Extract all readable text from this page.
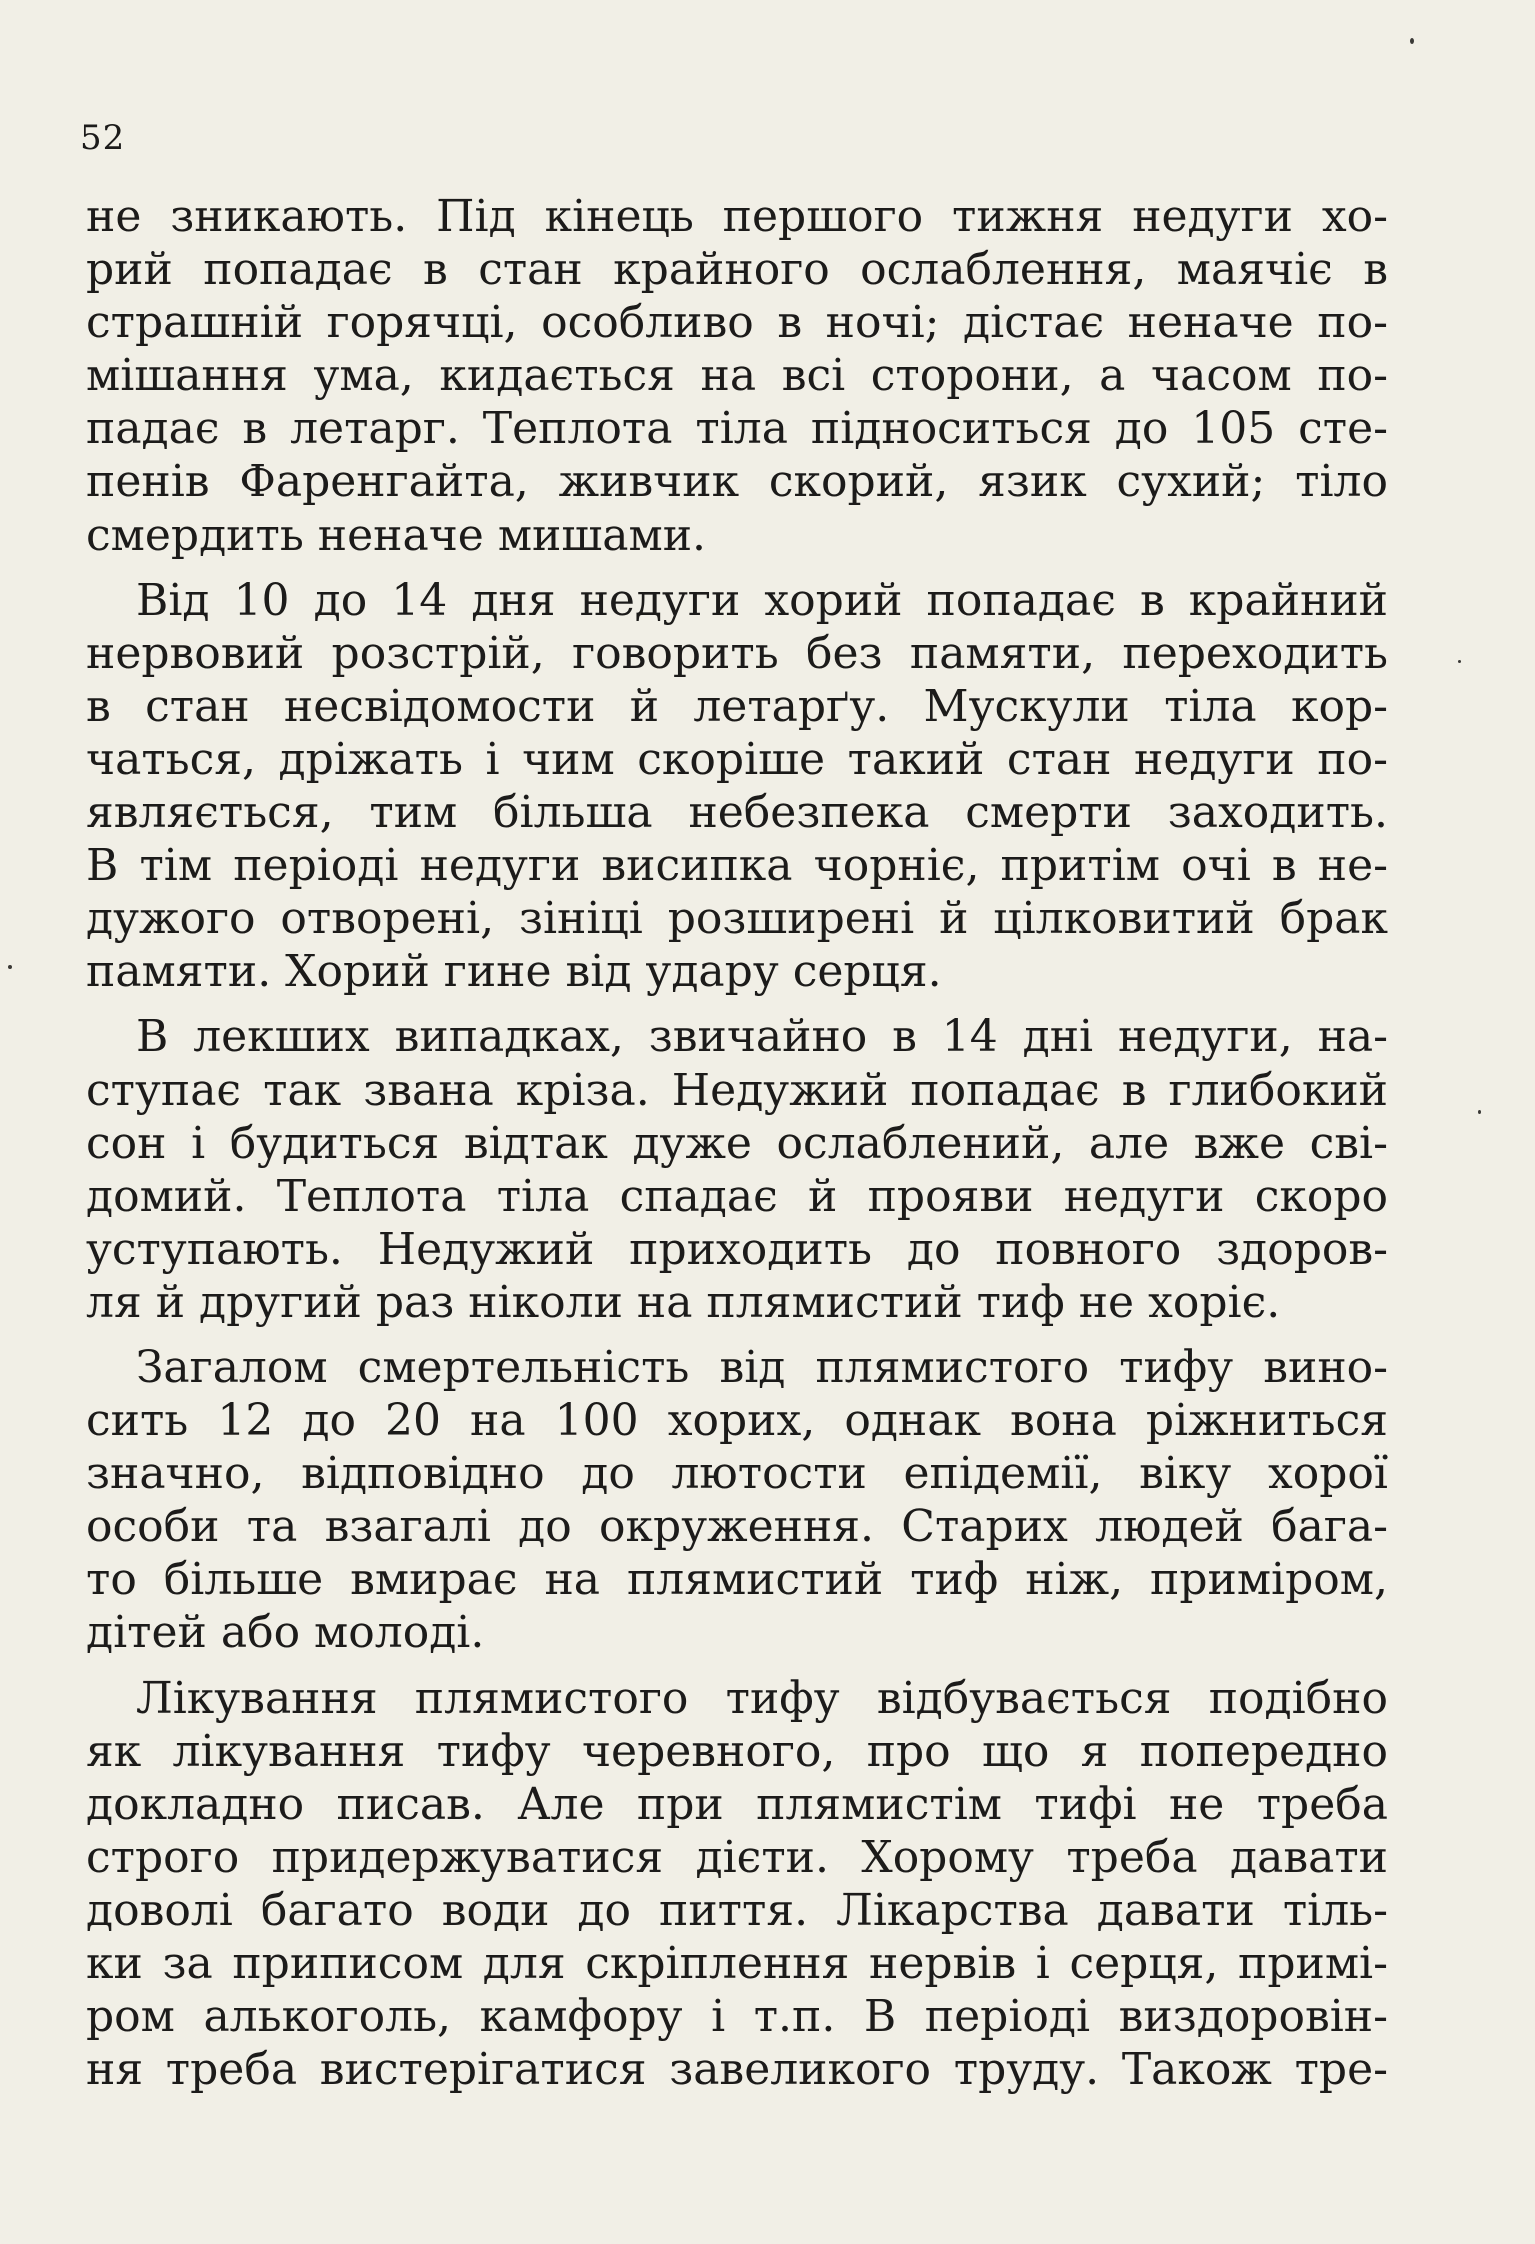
52
не зникають. Під кінець першого тижня недуги хо-
рий попадає в стан крайного ослаблення, маячіє в
страшній горячці, особливо в ночі; дістає неначе по-
мішання ума, кидається на всі сторони, а часом по-
падає в летарг. Теплота тіла підноситься до 105 сте-
пенів Фаренгайта, живчик скорий, язик сухий; тіло
смердить неначе мишами.
Від 10 до 14 дня недуги хорий попадає в крайний
нервовий розстрій, говорить без памяти, переходить
в стан несвідомости й летарґу. Мускули тіла кор-
чаться, дріжать і чим скоріше такий стан недуги по-
являється, тим більша небезпека смерти заходить.
В тім періоді недуги висипка чорніє, притім очі в не-
дужого отворені, зініці розширені й цілковитий брак
памяти. Хорий гине від удару серця.
В лекших випадках, звичайно в 14 дні недуги, на-
ступає так звана кріза. Недужий попадає в глибокий
сон і будиться відтак дуже ослаблений, але вже сві-
домий. Теплота тіла спадає й прояви недуги скоро
уступають. Недужий приходить до повного здоров-
ля й другий раз ніколи на плямистий тиф не хоріє.
Загалом смертельність від плямистого тифу вино-
сить 12 до 20 на 100 хорих, однак вона ріжниться
значно, відповідно до лютости епідемії, віку хорої
особи та взагалі до окруження. Старих людей бага-
то більше вмирає на плямистий тиф ніж, приміром,
дітей або молоді.
Лікування плямистого тифу відбувається подібно
як лікування тифу черевного, про що я попередно
докладно писав. Але при плямистім тифі не треба
строго придержуватися дієти. Хорому треба давати
доволі багато води до пиття. Лікарства давати тіль-
ки за приписом для скріплення нервів і серця, примі-
ром алькоголь, камфору і т.п. В періоді виздоровін-
ня треба вистерігатися завеликого труду. Також тре-
